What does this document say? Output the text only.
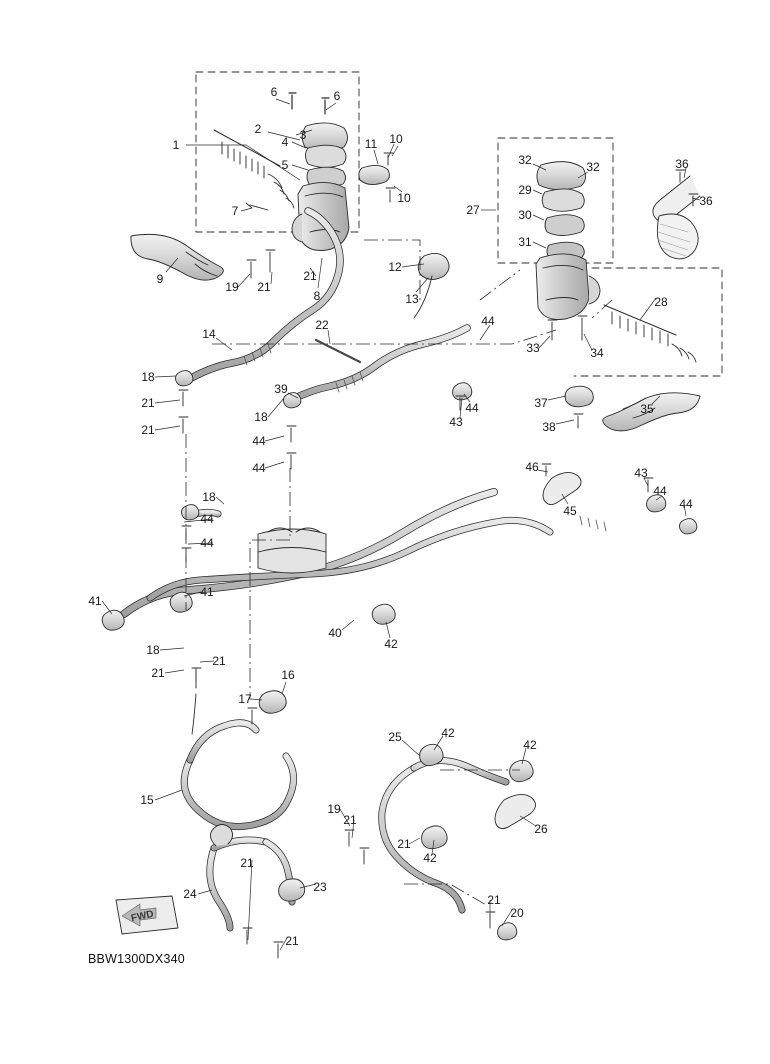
1
2	3
4
5
6	6
7
8
9
10
10
11
12
13
14
15
16
17
18
18
18
18
19
19
20
21
21
21
21
21
21
21
21
21
21
21
22
23
24
25
26
27
28
29
30
31
32	32
33	34
35
36
36
37
38
39
40
41
41
42
42
42
42
43
43
44
44
44
44
44
44
44
44
45
46
FWD
BBW1300DX340
